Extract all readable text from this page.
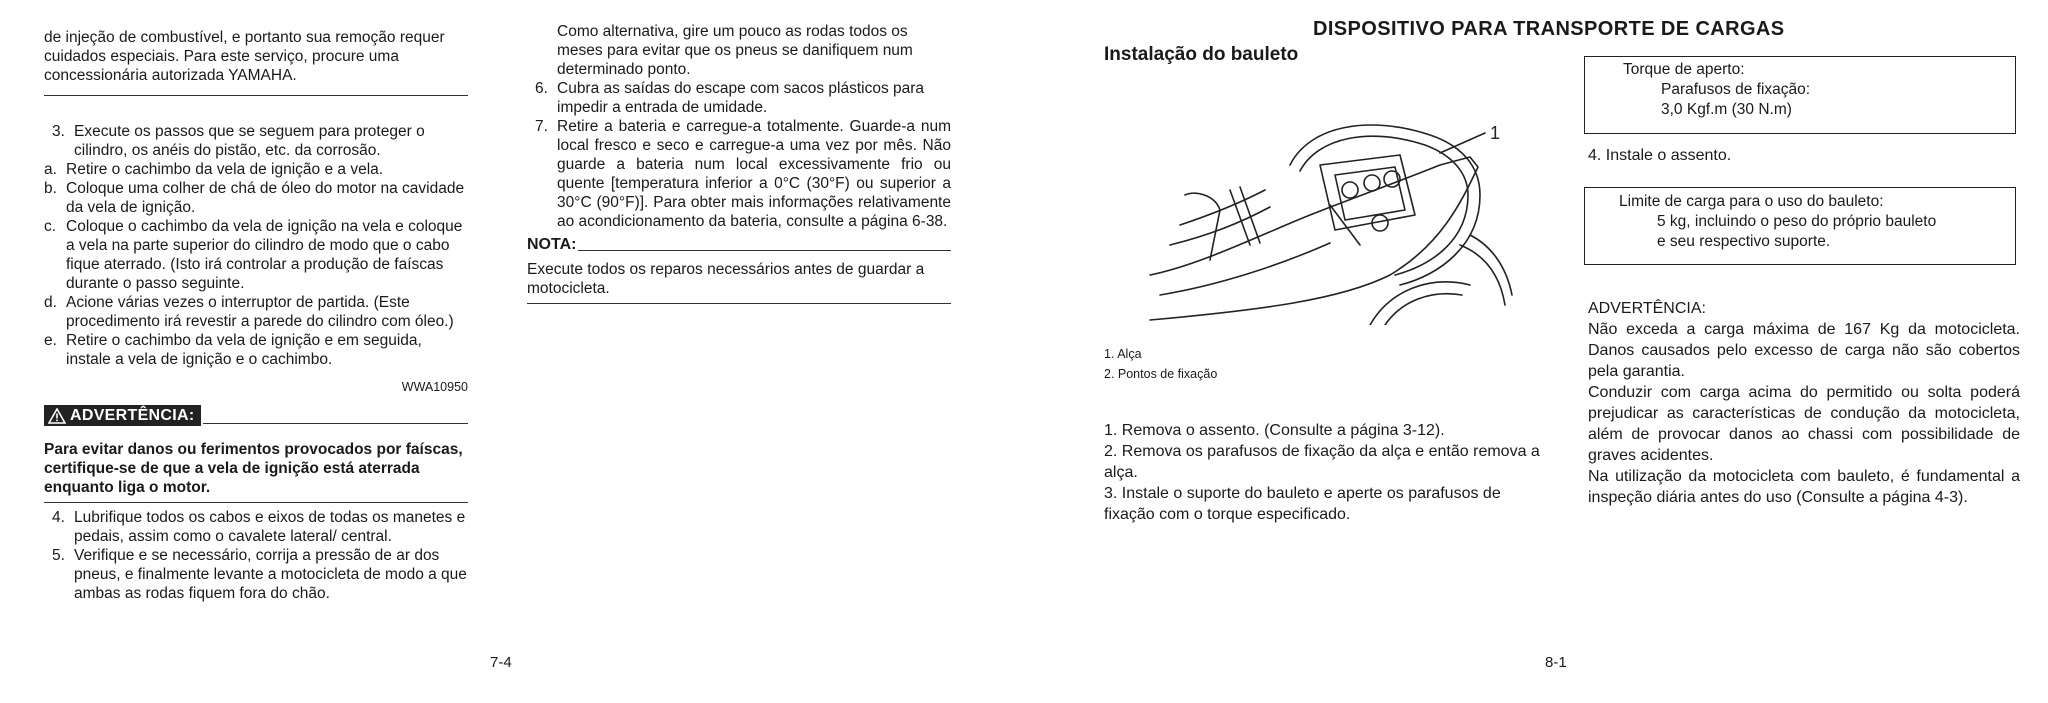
de injeção de combustível, e portanto sua remoção requer cuidados especiais. Para este serviço, procure uma concessionária autorizada YAMAHA.

3. Execute os passos que se seguem para proteger o cilindro, os anéis do pistão, etc. da corrosão.
a. Retire o cachimbo da vela de ignição e a vela.
b. Coloque uma colher de chá de óleo do motor na cavidade da vela de ignição.
c. Coloque o cachimbo da vela de ignição na vela e coloque a vela na parte superior do cilindro de modo que o cabo fique aterrado. (Isto irá controlar a produção de faíscas durante o passo seguinte.
d. Acione várias vezes o interruptor de partida. (Este procedimento irá revestir a parede do cilindro com óleo.)
e. Retire o cachimbo da vela de ignição e em seguida, instale a vela de ignição e o cachimbo.

WWA10950

ADVERTÊNCIA:

Para evitar danos ou ferimentos provocados por faíscas, certifique-se de que a vela de ignição está aterrada enquanto liga o motor.

4. Lubrifique todos os cabos e eixos de todas os manetes e pedais, assim como o cavalete lateral/ central.
5. Verifique e se necessário, corrija a pressão de ar dos pneus, e finalmente levante a motocicleta de modo a que ambas as rodas fiquem fora do chão.

Como alternativa, gire um pouco as rodas todos os meses para evitar que os pneus se danifiquem num determinado ponto.

6. Cubra as saídas do escape com sacos plásticos para impedir a entrada de umidade.
7. Retire a bateria e carregue-a totalmente. Guarde-a num local fresco e seco e carregue-a uma vez por mês. Não guarde a bateria num local excessivamente frio ou quente [temperatura inferior a 0°C (30°F) ou superior a 30°C (90°F)]. Para obter mais informações relativamente ao acondicionamento da bateria, consulte a página 6-38.
NOTA:

Execute todos os reparos necessários antes de guardar a motocicleta.

7-4
DISPOSITIVO PARA TRANSPORTE DE CARGAS
Instalação do bauleto
1
1. Alça
2. Pontos de fixação

1. Remova o assento. (Consulte a página 3-12).

2. Remova os parafusos de fixação da alça e então remova a alça.

3. Instale o suporte do bauleto e aperte os parafusos de fixação com o torque especificado.

Torque de aperto:
Parafusos de fixação:
3,0 Kgf.m (30 N.m)

4. Instale o assento.

Limite de carga para o uso do bauleto:
5 kg, incluindo o peso do próprio bauleto
e seu respectivo suporte.

ADVERTÊNCIA:

Não exceda a carga máxima de 167 Kg da motocicleta. Danos causados pelo excesso de carga não são cobertos pela garantia.

Conduzir com carga acima do permitido ou solta poderá prejudicar as características de condução da motocicleta, além de provocar danos ao chassi com possibilidade de graves acidentes.

Na utilização da motocicleta com bauleto, é fundamental a inspeção diária antes do uso (Consulte a página 4-3).

8-1
